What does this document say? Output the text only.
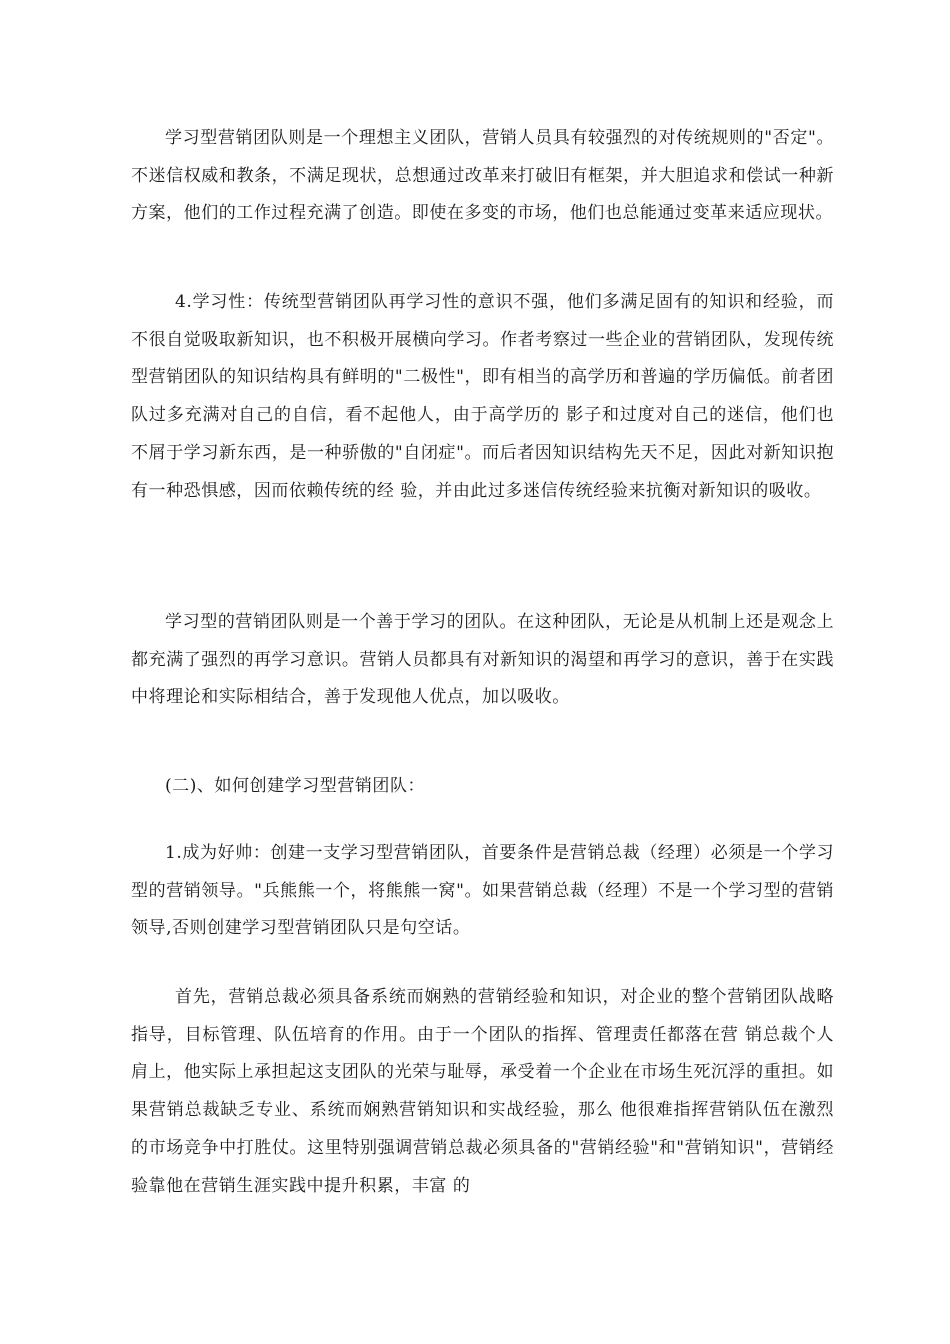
学习型营销团队则是一个理想主义团队，营销人员具有较强烈的对传统规则的"否定"。不迷信权威和教条，不满足现状，总想通过改革来打破旧有框架，并大胆追求和偿试一种新方案，他们的工作过程充满了创造。即使在多变的市场，他们也总能通过变革来适应现状。

4.学习性：传统型营销团队再学习性的意识不强，他们多满足固有的知识和经验，而不很自觉吸取新知识，也不积极开展横向学习。作者考察过一些企业的营销团队，发现传统型营销团队的知识结构具有鲜明的"二极性"，即有相当的高学历和普遍的学历偏低。前者团队过多充满对自己的自信，看不起他人，由于高学历的 影子和过度对自己的迷信，他们也不屑于学习新东西，是一种骄傲的"自闭症"。而后者因知识结构先天不足，因此对新知识抱有一种恐惧感，因而依赖传统的经 验，并由此过多迷信传统经验来抗衡对新知识的吸收。

学习型的营销团队则是一个善于学习的团队。在这种团队，无论是从机制上还是观念上都充满了强烈的再学习意识。营销人员都具有对新知识的渴望和再学习的意识，善于在实践中将理论和实际相结合，善于发现他人优点，加以吸收。

(二)、如何创建学习型营销团队：

1.成为好帅：创建一支学习型营销团队，首要条件是营销总裁（经理）必须是一个学习型的营销领导。"兵熊熊一个，将熊熊一窝"。如果营销总裁（经理）不是一个学习型的营销领导,否则创建学习型营销团队只是句空话。

首先，营销总裁必须具备系统而娴熟的营销经验和知识，对企业的整个营销团队战略指导，目标管理、队伍培育的作用。由于一个团队的指挥、管理责任都落在营 销总裁个人肩上，他实际上承担起这支团队的光荣与耻辱，承受着一个企业在市场生死沉浮的重担。如果营销总裁缺乏专业、系统而娴熟营销知识和实战经验，那么 他很难指挥营销队伍在激烈的市场竞争中打胜仗。这里特别强调营销总裁必须具备的"营销经验"和"营销知识"，营销经验靠他在营销生涯实践中提升积累，丰富 的
